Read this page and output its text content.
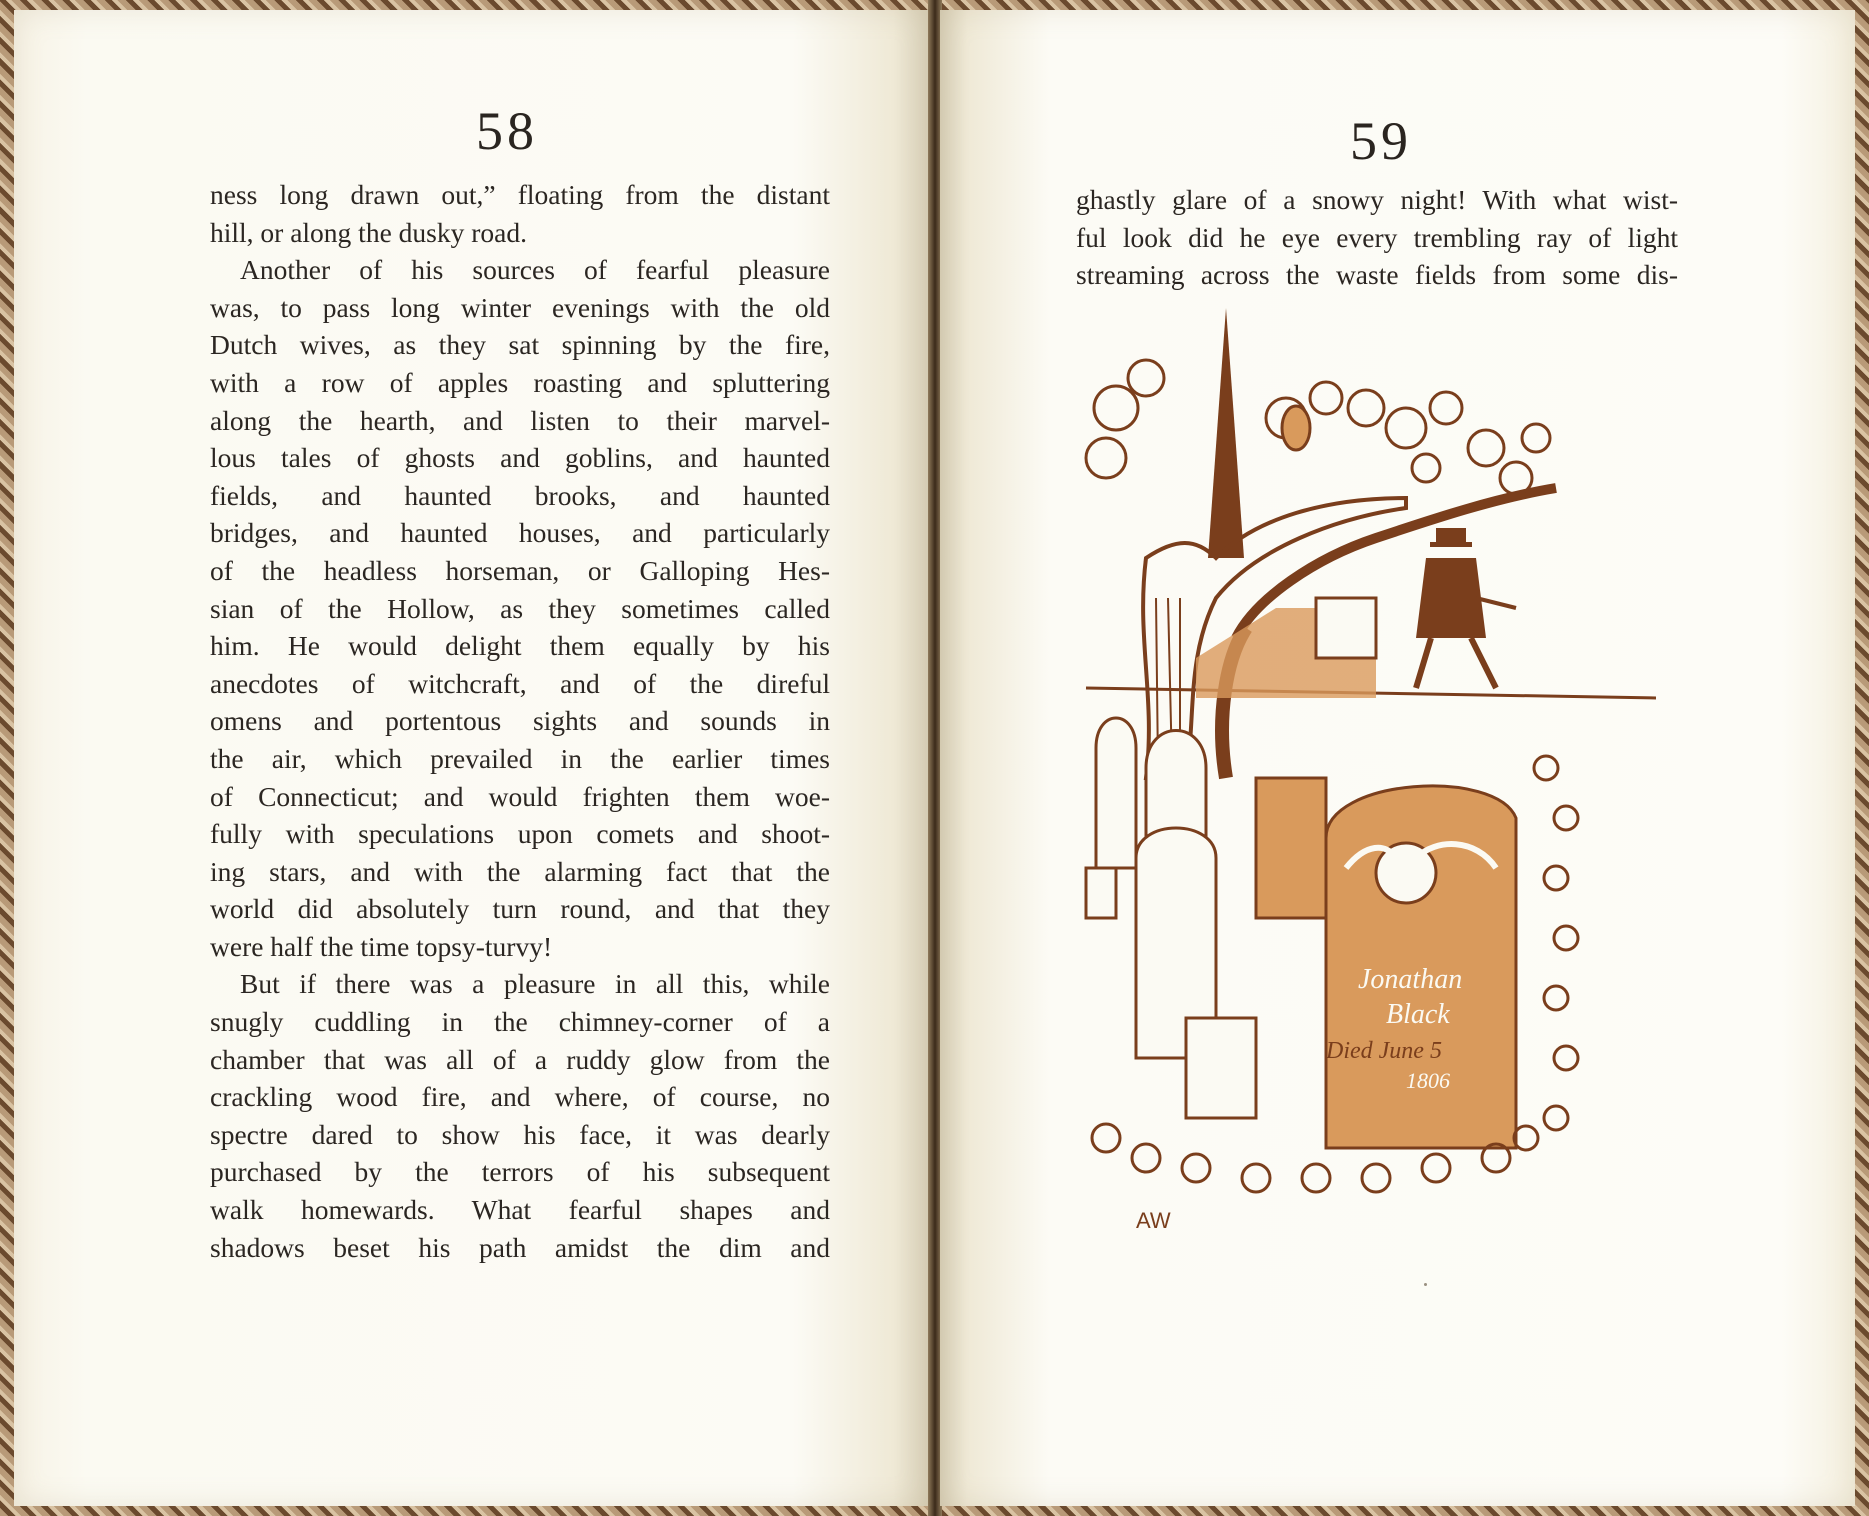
58
ness long drawn out,” floating from the distant
hill, or along the dusky road.
Another of his sources of fearful pleasure
was, to pass long winter evenings with the old
Dutch wives, as they sat spinning by the fire,
with a row of apples roasting and spluttering
along the hearth, and listen to their marvel-
lous tales of ghosts and goblins, and haunted
fields, and haunted brooks, and haunted
bridges, and haunted houses, and particularly
of the headless horseman, or Galloping Hes-
sian of the Hollow, as they sometimes called
him. He would delight them equally by his
anecdotes of witchcraft, and of the direful
omens and portentous sights and sounds in
the air, which prevailed in the earlier times
of Connecticut; and would frighten them woe-
fully with speculations upon comets and shoot-
ing stars, and with the alarming fact that the
world did absolutely turn round, and that they
were half the time topsy-turvy!
But if there was a pleasure in all this, while
snugly cuddling in the chimney-corner of a
chamber that was all of a ruddy glow from the
crackling wood fire, and where, of course, no
spectre dared to show his face, it was dearly
purchased by the terrors of his subsequent
walk homewards. What fearful shapes and
shadows beset his path amidst the dim and
59
ghastly glare of a snowy night! With what wist-
ful look did he eye every trembling ray of light
streaming across the waste fields from some dis-
Jonathan
Black
Died June 5
1806
AW
